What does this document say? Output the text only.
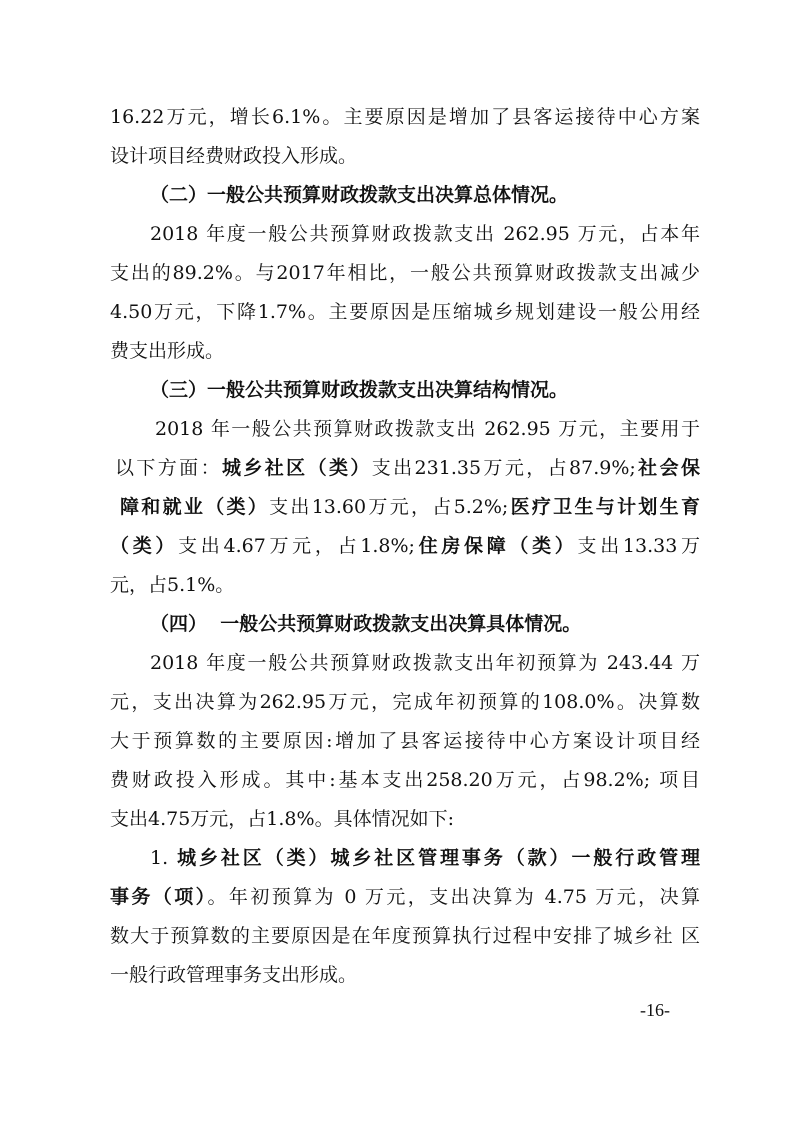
16.22万元，增长6.1%。主要原因是增加了县客运接待中心方案
设计项目经费财政投入形成。
（二）一般公共预算财政拨款支出决算总体情况。
2018 年度一般公共预算财政拨款支出 262.95 万元，占本年
支出的89.2%。与2017年相比，一般公共预算财政拨款支出减少
4.50万元，下降1.7%。主要原因是压缩城乡规划建设一般公用经
费支出形成。
（三）一般公共预算财政拨款支出决算结构情况。
2018 年一般公共预算财政拨款支出 262.95 万元，主要用于
以下方面：城乡社区（类）支出231.35万元，占87.9%;社会保
障和就业（类）支出13.60万元，占5.2%;医疗卫生与计划生育
（类）支出4.67万元，占1.8%;住房保障（类）支出13.33万
元，占5.1%。
（四）  一般公共预算财政拨款支出决算具体情况。
2018 年度一般公共预算财政拨款支出年初预算为 243.44 万
元，支出决算为262.95万元，完成年初预算的108.0%。决算数
大于预算数的主要原因:增加了县客运接待中心方案设计项目经
费财政投入形成。其中:基本支出258.20万元，占98.2%; 项目
支出4.75万元，占1.8%。具体情况如下:
1. 城乡社区（类）城乡社区管理事务（款）一般行政管理
事务（项）。年初预算为 0 万元，支出决算为 4.75 万元，决算
数大于预算数的主要原因是在年度预算执行过程中安排了城乡社 区
一般行政管理事务支出形成。
-16-
